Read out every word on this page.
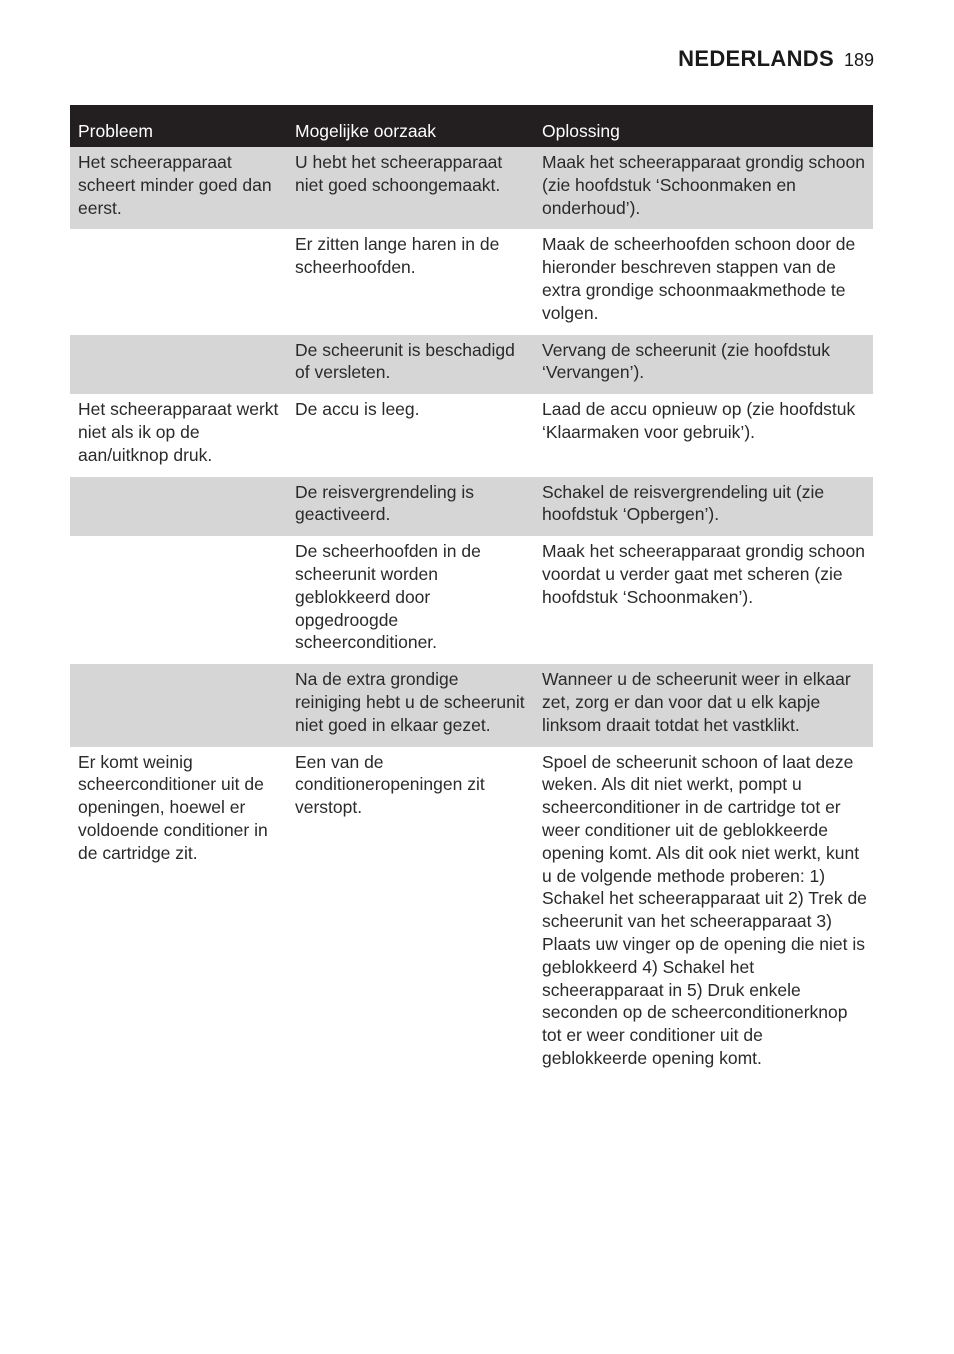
NEDERLANDS 189
Probleem	Mogelijke oorzaak	Oplossing
Het scheerapparaat scheert minder goed dan eerst.	U hebt het scheerapparaat niet goed schoongemaakt.	Maak het scheerapparaat grondig schoon (zie hoofdstuk ‘Schoonmaken en onderhoud’).
	Er zitten lange haren in de scheerhoofden.	Maak de scheerhoofden schoon door de hieronder beschreven stappen van de extra grondige schoonmaakmethode te volgen.
	De scheerunit is beschadigd of versleten.	Vervang de scheerunit (zie hoofdstuk ‘Vervangen’).
Het scheerapparaat werkt niet als ik op de aan/uitknop druk.	De accu is leeg.	Laad de accu opnieuw op (zie hoofdstuk ‘Klaarmaken voor gebruik’).
	De reisvergrendeling is geactiveerd.	Schakel de reisvergrendeling uit (zie hoofdstuk ‘Opbergen’).
	De scheerhoofden in de scheerunit worden geblokkeerd door opgedroogde scheerconditioner.	Maak het scheerapparaat grondig schoon voordat u verder gaat met scheren (zie hoofdstuk ‘Schoonmaken’).
	Na de extra grondige reiniging hebt u de scheerunit niet goed in elkaar gezet.	Wanneer u de scheerunit weer in elkaar zet, zorg er dan voor dat u elk kapje linksom draait totdat het vastklikt.
Er komt weinig scheerconditioner uit de openingen, hoewel er voldoende conditioner in de cartridge zit.	Een van de conditioneropeningen zit verstopt.	Spoel de scheerunit schoon of laat deze weken. Als dit niet werkt, pompt u scheerconditioner in de cartridge tot er weer conditioner uit de geblokkeerde opening komt. Als dit ook niet werkt, kunt u de volgende methode proberen: 1) Schakel het scheerapparaat uit 2) Trek de scheerunit van het scheerapparaat 3) Plaats uw vinger op de opening die niet is geblokkeerd 4) Schakel het scheerapparaat in 5) Druk enkele seconden op de scheerconditionerknop tot er weer conditioner uit de geblokkeerde opening komt.
